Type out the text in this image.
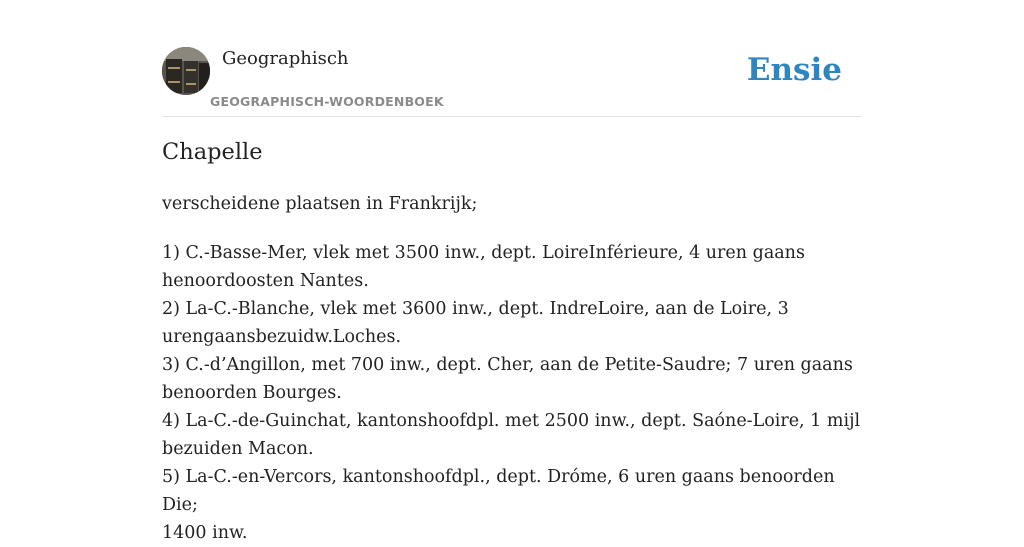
Geographisch
GEOGRAPHISCH-WOORDENBOEK
Ensie
Chapelle

verscheidene plaatsen in Frankrijk;

1) C.-Basse-Mer, vlek met 3500 inw., dept. LoireInférieure, 4 uren gaans
henoordoosten Nantes.
2) La-C.-Blanche, vlek met 3600 inw., dept. IndreLoire, aan de Loire, 3
urengaansbezuidw.Loches.
3) C.-d’Angillon, met 700 inw., dept. Cher, aan de Petite-Saudre; 7 uren gaans
benoorden Bourges.
4) La-C.-de-Guinchat, kantonshoofdpl. met 2500 inw., dept. Saóne-Loire, 1 mijl
bezuiden Macon.
5) La-C.-en-Vercors, kantonshoofdpl., dept. Dróme, 6 uren gaans benoorden Die;
1400 inw.
